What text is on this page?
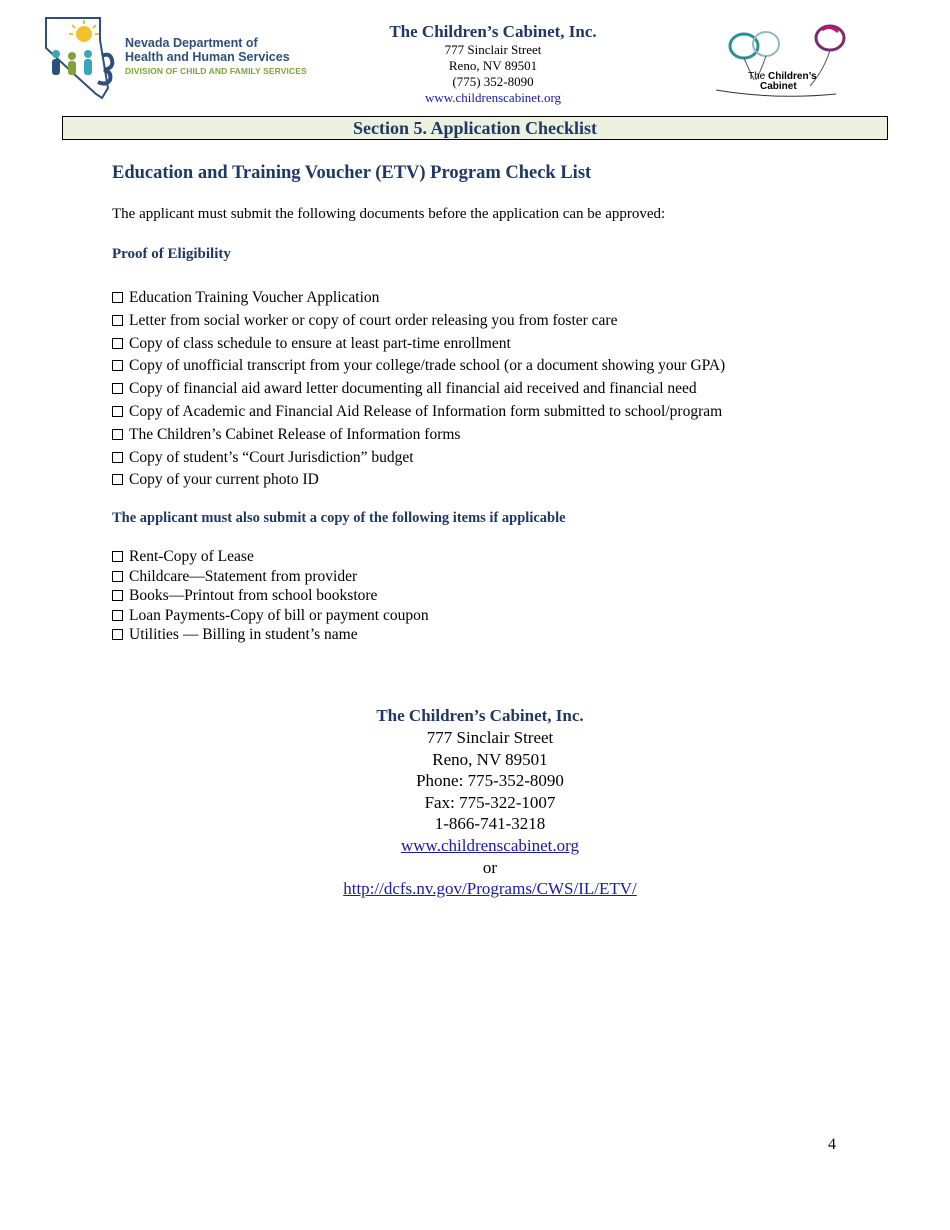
Nevada Department of
Health and Human Services
DIVISION OF CHILD AND FAMILY SERVICES
The Children’s Cabinet, Inc.
777 Sinclair Street
Reno, NV 89501
(775) 352-8090
www.childrenscabinet.org
The Children’s
Cabinet
Section 5. Application Checklist
Education and Training Voucher (ETV) Program Check List
The applicant must submit the following documents before the application can be approved:
Proof of Eligibility
Education Training Voucher Application
Letter from social worker or copy of court order releasing you from foster care
Copy of class schedule to ensure at least part-time enrollment
Copy of unofficial transcript from your college/trade school (or a document showing your GPA)
Copy of financial aid award letter documenting all financial aid received and financial need
Copy of Academic and Financial Aid Release of Information form submitted to school/program
The Children’s Cabinet Release of Information forms
Copy of student’s “Court Jurisdiction” budget
Copy of your current photo ID
The applicant must also submit a copy of the following items if applicable
Rent-Copy of Lease
Childcare—Statement from provider
Books—Printout from school bookstore
Loan Payments-Copy of bill or payment coupon
Utilities — Billing in student’s name
The Children’s Cabinet, Inc.
777 Sinclair Street
Reno, NV 89501
Phone: 775-352-8090
Fax: 775-322-1007
1-866-741-3218
www.childrenscabinet.org
or
http://dcfs.nv.gov/Programs/CWS/IL/ETV/
4
